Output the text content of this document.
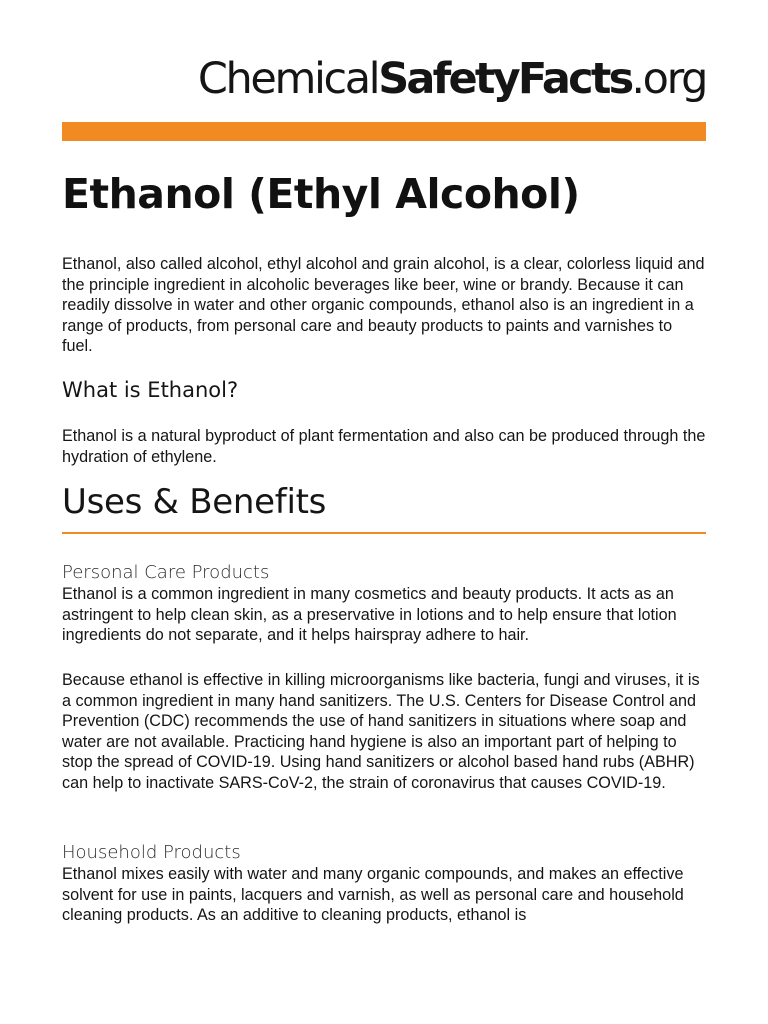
ChemicalSafetyFacts.org
Ethanol (Ethyl Alcohol)

Ethanol, also called alcohol, ethyl alcohol and grain alcohol, is a clear, colorless liquid and the principle ingredient in alcoholic beverages like beer, wine or brandy. Because it can readily dissolve in water and other organic compounds, ethanol also is an ingredient in a range of products, from personal care and beauty products to paints and varnishes to fuel.

What is Ethanol?

Ethanol is a natural byproduct of plant fermentation and also can be produced through the hydration of ethylene.

Uses & Benefits
Personal Care Products

Ethanol is a common ingredient in many cosmetics and beauty products. It acts as an astringent to help clean skin, as a preservative in lotions and to help ensure that lotion ingredients do not separate, and it helps hairspray adhere to hair.

Because ethanol is effective in killing microorganisms like bacteria, fungi and viruses, it is a common ingredient in many hand sanitizers. The U.S. Centers for Disease Control and Prevention (CDC) recommends the use of hand sanitizers in situations where soap and water are not available. Practicing hand hygiene is also an important part of helping to stop the spread of COVID-19. Using hand sanitizers or alcohol based hand rubs (ABHR) can help to inactivate SARS-CoV-2, the strain of coronavirus that causes COVID-19.

Household Products

Ethanol mixes easily with water and many organic compounds, and makes an effective solvent for use in paints, lacquers and varnish, as well as personal care and household cleaning products. As an additive to cleaning products, ethanol is
